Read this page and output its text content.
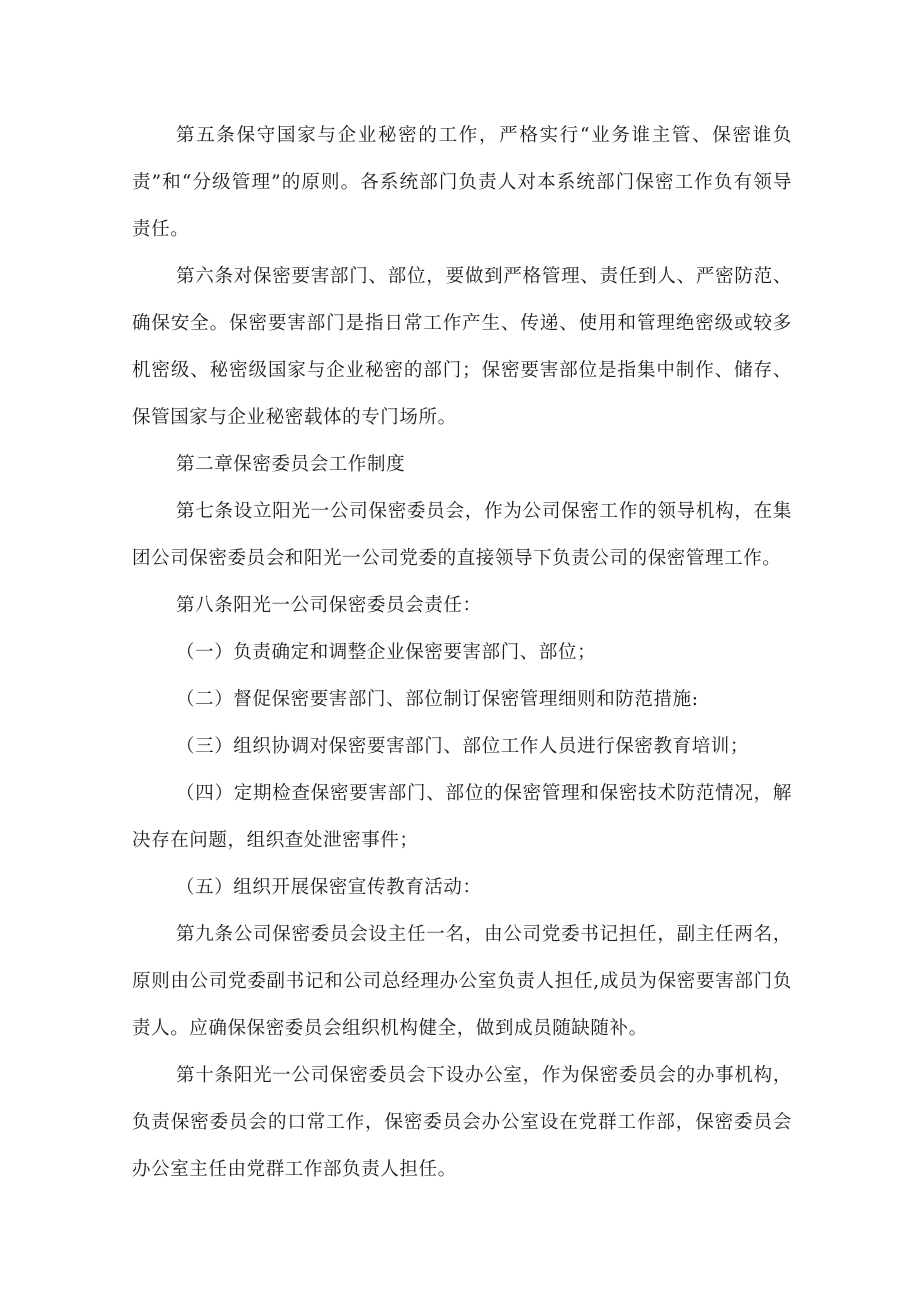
第五条保守国家与企业秘密的工作，严格实行“业务谁主管、保密谁负责”和“分级管理”的原则。各系统部门负责人对本系统部门保密工作负有领导责任。

第六条对保密要害部门、部位，要做到严格管理、责任到人、严密防范、确保安全。保密要害部门是指日常工作产生、传递、使用和管理绝密级或较多机密级、秘密级国家与企业秘密的部门；保密要害部位是指集中制作、储存、保管国家与企业秘密载体的专门场所。

第二章保密委员会工作制度

第七条设立阳光一公司保密委员会，作为公司保密工作的领导机构，在集团公司保密委员会和阳光一公司党委的直接领导下负责公司的保密管理工作。

第八条阳光一公司保密委员会责任：

（一）负责确定和调整企业保密要害部门、部位；

（二）督促保密要害部门、部位制订保密管理细则和防范措施:

（三）组织协调对保密要害部门、部位工作人员进行保密教育培训；

（四）定期检查保密要害部门、部位的保密管理和保密技术防范情况，解决存在问题，组织查处泄密事件；

（五）组织开展保密宣传教育活动：

第九条公司保密委员会设主任一名，由公司党委书记担任，副主任两名，原则由公司党委副书记和公司总经理办公室负责人担任,成员为保密要害部门负责人。应确保保密委员会组织机构健全，做到成员随缺随补。

第十条阳光一公司保密委员会下设办公室，作为保密委员会的办事机构，负责保密委员会的口常工作，保密委员会办公室设在党群工作部，保密委员会办公室主任由党群工作部负责人担任。
